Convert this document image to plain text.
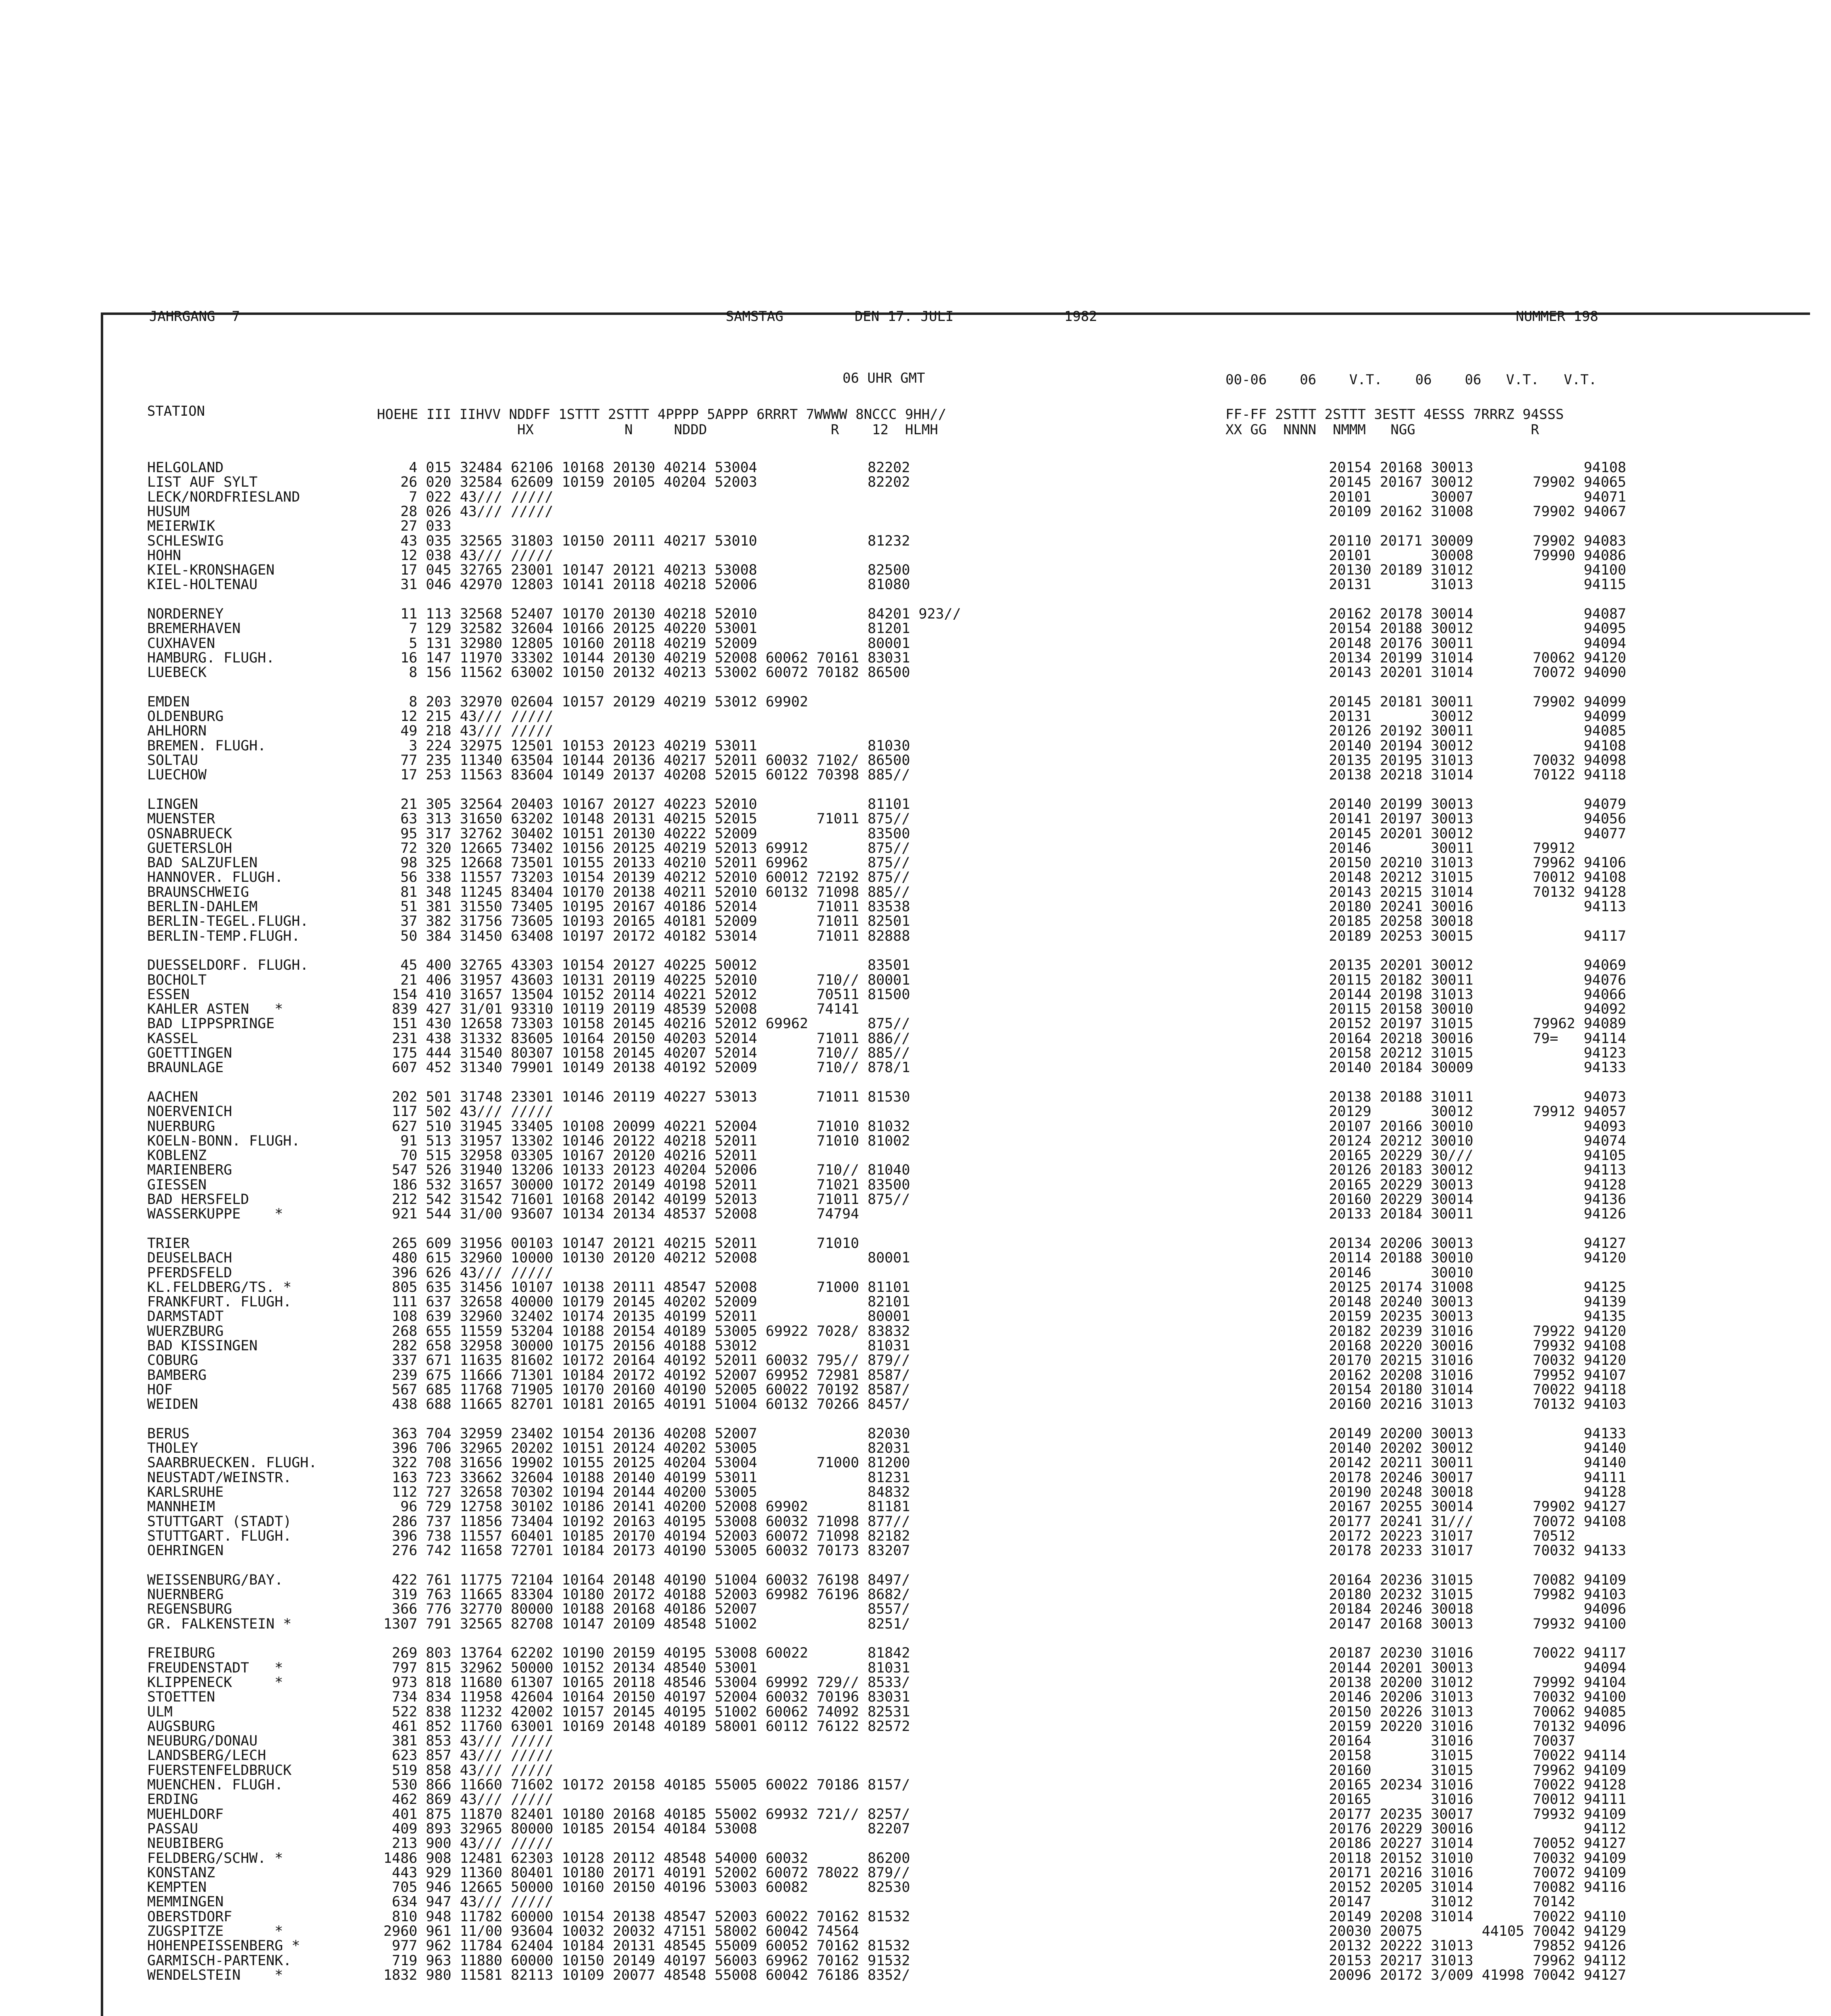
JAHRGANG  7	SAMSTAG	DEN 17. JULI	1982	NUMMER 198
06 UHR GMT	00-06    06    V.T.    06    06   V.T.   V.T.
STATION	HOEHE III IIHVV NDDFF 1STTT 2STTT 4PPPP 5APPP 6RRRT 7WWWW 8NCCC 9HH//
HX           N     NDDD               R    12  HLMH
FF-FF 2STTT 2STTT 3ESTT 4ESSS 7RRRZ 94SSS
XX GG  NNNN  NMMM   NGG              R
HELGOLAND	4 015 32484 62106 10168 20130 40214 53004             82202	20154 20168 30013             94108
LIST AUF SYLT	26 020 32584 62609 10159 20105 40204 52003             82202	20145 20167 30012       79902 94065
LECK/NORDFRIESLAND	7 022 43/// /////	20101       30007             94071
HUSUM	28 026 43/// /////	20109 20162 31008       79902 94067
MEIERWIK	27 033
SCHLESWIG	43 035 32565 31803 10150 20111 40217 53010             81232	20110 20171 30009       79902 94083
HOHN	12 038 43/// /////	20101       30008       79990 94086
KIEL-KRONSHAGEN	17 045 32765 23001 10147 20121 40213 53008             82500	20130 20189 31012             94100
KIEL-HOLTENAU	31 046 42970 12803 10141 20118 40218 52006             81080	20131       31013             94115
NORDERNEY	11 113 32568 52407 10170 20130 40218 52010             84201 923//	20162 20178 30014             94087
BREMERHAVEN	7 129 32582 32604 10166 20125 40220 53001             81201	20154 20188 30012             94095
CUXHAVEN	5 131 32980 12805 10160 20118 40219 52009             80001	20148 20176 30011             94094
HAMBURG. FLUGH.	16 147 11970 33302 10144 20130 40219 52008 60062 70161 83031	20134 20199 31014       70062 94120
LUEBECK	8 156 11562 63002 10150 20132 40213 53002 60072 70182 86500	20143 20201 31014       70072 94090
EMDEN	8 203 32970 02604 10157 20129 40219 53012 69902	20145 20181 30011       79902 94099
OLDENBURG	12 215 43/// /////	20131       30012             94099
AHLHORN	49 218 43/// /////	20126 20192 30011             94085
BREMEN. FLUGH.	3 224 32975 12501 10153 20123 40219 53011             81030	20140 20194 30012             94108
SOLTAU	77 235 11340 63504 10144 20136 40217 52011 60032 7102/ 86500	20135 20195 31013       70032 94098
LUECHOW	17 253 11563 83604 10149 20137 40208 52015 60122 70398 885//	20138 20218 31014       70122 94118
LINGEN	21 305 32564 20403 10167 20127 40223 52010             81101	20140 20199 30013             94079
MUENSTER	63 313 31650 63202 10148 20131 40215 52015       71011 875//	20141 20197 30013             94056
OSNABRUECK	95 317 32762 30402 10151 20130 40222 52009             83500	20145 20201 30012             94077
GUETERSLOH	72 320 12665 73402 10156 20125 40219 52013 69912       875//	20146       30011       79912
BAD SALZUFLEN	98 325 12668 73501 10155 20133 40210 52011 69962       875//	20150 20210 31013       79962 94106
HANNOVER. FLUGH.	56 338 11557 73203 10154 20139 40212 52010 60012 72192 875//	20148 20212 31015       70012 94108
BRAUNSCHWEIG	81 348 11245 83404 10170 20138 40211 52010 60132 71098 885//	20143 20215 31014       70132 94128
BERLIN-DAHLEM	51 381 31550 73405 10195 20167 40186 52014       71011 83538	20180 20241 30016             94113
BERLIN-TEGEL.FLUGH.	37 382 31756 73605 10193 20165 40181 52009       71011 82501	20185 20258 30018
BERLIN-TEMP.FLUGH.	50 384 31450 63408 10197 20172 40182 53014       71011 82888	20189 20253 30015             94117
DUESSELDORF. FLUGH.	45 400 32765 43303 10154 20127 40225 50012             83501	20135 20201 30012             94069
BOCHOLT	21 406 31957 43603 10131 20119 40225 52010       710// 80001	20115 20182 30011             94076
ESSEN	154 410 31657 13504 10152 20114 40221 52012       70511 81500	20144 20198 31013             94066
KAHLER ASTEN   *	839 427 31/01 93310 10119 20119 48539 52008       74141	20115 20158 30010             94092
BAD LIPPSPRINGE	151 430 12658 73303 10158 20145 40216 52012 69962       875//	20152 20197 31015       79962 94089
KASSEL	231 438 31332 83605 10164 20150 40203 52014       71011 886//	20164 20218 30016       79=   94114
GOETTINGEN	175 444 31540 80307 10158 20145 40207 52014       710// 885//	20158 20212 31015             94123
BRAUNLAGE	607 452 31340 79901 10149 20138 40192 52009       710// 878/1	20140 20184 30009             94133
AACHEN	202 501 31748 23301 10146 20119 40227 53013       71011 81530	20138 20188 31011             94073
NOERVENICH	117 502 43/// /////	20129       30012       79912 94057
NUERBURG	627 510 31945 33405 10108 20099 40221 52004       71010 81032	20107 20166 30010             94093
KOELN-BONN. FLUGH.	91 513 31957 13302 10146 20122 40218 52011       71010 81002	20124 20212 30010             94074
KOBLENZ	70 515 32958 03305 10167 20120 40216 52011	20165 20229 30///             94105
MARIENBERG	547 526 31940 13206 10133 20123 40204 52006       710// 81040	20126 20183 30012             94113
GIESSEN	186 532 31657 30000 10172 20149 40198 52011       71021 83500	20165 20229 30013             94128
BAD HERSFELD	212 542 31542 71601 10168 20142 40199 52013       71011 875//	20160 20229 30014             94136
WASSERKUPPE    *	921 544 31/00 93607 10134 20134 48537 52008       74794	20133 20184 30011             94126
TRIER	265 609 31956 00103 10147 20121 40215 52011       71010	20134 20206 30013             94127
DEUSELBACH	480 615 32960 10000 10130 20120 40212 52008             80001	20114 20188 30010             94120
PFERDSFELD	396 626 43/// /////	20146       30010
KL.FELDBERG/TS. *	805 635 31456 10107 10138 20111 48547 52008       71000 81101	20125 20174 31008             94125
FRANKFURT. FLUGH.	111 637 32658 40000 10179 20145 40202 52009             82101	20148 20240 30013             94139
DARMSTADT	108 639 32960 32402 10174 20135 40199 52011             80001	20159 20235 30013             94135
WUERZBURG	268 655 11559 53204 10188 20154 40189 53005 69922 7028/ 83832	20182 20239 31016       79922 94120
BAD KISSINGEN	282 658 32958 30000 10175 20156 40188 53012             81031	20168 20220 30016       79932 94108
COBURG	337 671 11635 81602 10172 20164 40192 52011 60032 795// 879//	20170 20215 31016       70032 94120
BAMBERG	239 675 11666 71301 10184 20172 40192 52007 69952 72981 8587/	20162 20208 31016       79952 94107
HOF	567 685 11768 71905 10170 20160 40190 52005 60022 70192 8587/	20154 20180 31014       70022 94118
WEIDEN	438 688 11665 82701 10181 20165 40191 51004 60132 70266 8457/	20160 20216 31013       70132 94103
BERUS	363 704 32959 23402 10154 20136 40208 52007             82030	20149 20200 30013             94133
THOLEY	396 706 32965 20202 10151 20124 40202 53005             82031	20140 20202 30012             94140
SAARBRUECKEN. FLUGH.	322 708 31656 19902 10155 20125 40204 53004       71000 81200	20142 20211 30011             94140
NEUSTADT/WEINSTR.	163 723 33662 32604 10188 20140 40199 53011             81231	20178 20246 30017             94111
KARLSRUHE	112 727 32658 70302 10194 20144 40200 53005             84832	20190 20248 30018             94128
MANNHEIM	96 729 12758 30102 10186 20141 40200 52008 69902       81181	20167 20255 30014       79902 94127
STUTTGART (STADT)	286 737 11856 73404 10192 20163 40195 53008 60032 71098 877//	20177 20241 31///       70072 94108
STUTTGART. FLUGH.	396 738 11557 60401 10185 20170 40194 52003 60072 71098 82182	20172 20223 31017       70512
OEHRINGEN	276 742 11658 72701 10184 20173 40190 53005 60032 70173 83207	20178 20233 31017       70032 94133
WEISSENBURG/BAY.	422 761 11775 72104 10164 20148 40190 51004 60032 76198 8497/	20164 20236 31015       70082 94109
NUERNBERG	319 763 11665 83304 10180 20172 40188 52003 69982 76196 8682/	20180 20232 31015       79982 94103
REGENSBURG	366 776 32770 80000 10188 20168 40186 52007             8557/	20184 20246 30018             94096
GR. FALKENSTEIN *	1307 791 32565 82708 10147 20109 48548 51002             8251/	20147 20168 30013       79932 94100
FREIBURG	269 803 13764 62202 10190 20159 40195 53008 60022       81842	20187 20230 31016       70022 94117
FREUDENSTADT   *	797 815 32962 50000 10152 20134 48540 53001             81031	20144 20201 30013             94094
KLIPPENECK     *	973 818 11680 61307 10165 20118 48546 53004 69992 729// 8533/	20138 20200 31012       79992 94104
STOETTEN	734 834 11958 42604 10164 20150 40197 52004 60032 70196 83031	20146 20206 31013       70032 94100
ULM	522 838 11232 42002 10157 20145 40195 51002 60062 74092 82531	20150 20226 31013       70062 94085
AUGSBURG	461 852 11760 63001 10169 20148 40189 58001 60112 76122 82572	20159 20220 31016       70132 94096
NEUBURG/DONAU	381 853 43/// /////	20164       31016       70037
LANDSBERG/LECH	623 857 43/// /////	20158       31015       70022 94114
FUERSTENFELDBRUCK	519 858 43/// /////	20160       31015       79962 94109
MUENCHEN. FLUGH.	530 866 11660 71602 10172 20158 40185 55005 60022 70186 8157/	20165 20234 31016       70022 94128
ERDING	462 869 43/// /////	20165       31016       70012 94111
MUEHLDORF	401 875 11870 82401 10180 20168 40185 55002 69932 721// 8257/	20177 20235 30017       79932 94109
PASSAU	409 893 32965 80000 10185 20154 40184 53008             82207	20176 20229 30016             94112
NEUBIBERG	213 900 43/// /////	20186 20227 31014       70052 94127
FELDBERG/SCHW. *	1486 908 12481 62303 10128 20112 48548 54000 60032       86200	20118 20152 31010       70032 94109
KONSTANZ	443 929 11360 80401 10180 20171 40191 52002 60072 78022 879//	20171 20216 31016       70072 94109
KEMPTEN	705 946 12665 50000 10160 20150 40196 53003 60082       82530	20152 20205 31014       70082 94116
MEMMINGEN	634 947 43/// /////	20147       31012       70142
OBERSTDORF	810 948 11782 60000 10154 20138 48547 52003 60022 70162 81532	20149 20208 31014       70022 94110
ZUGSPITZE      *	2960 961 11/00 93604 10032 20032 47151 58002 60042 74564	20030 20075       44105 70042 94129
HOHENPEISSENBERG *	977 962 11784 62404 10184 20131 48545 55009 60052 70162 81532	20132 20222 31013       79852 94126
GARMISCH-PARTENK.	719 963 11880 60000 10150 20149 40197 56003 69962 70162 91532	20153 20217 31013       79962 94112
WENDELSTEIN    *	1832 980 11581 82113 10109 20077 48548 55008 60042 76186 8352/	20096 20172 3/009 41998 70042 94127
